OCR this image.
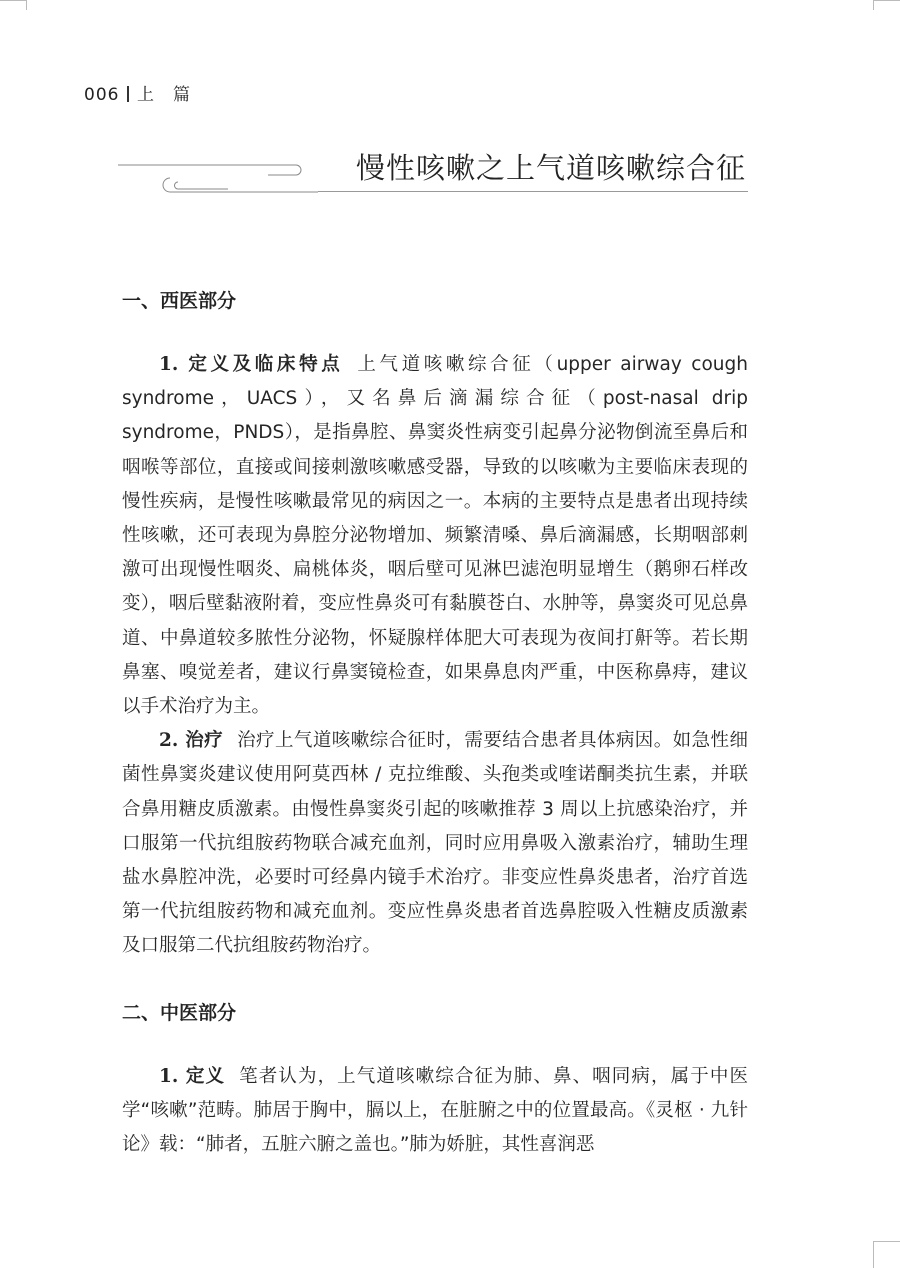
006 上　篇
慢性咳嗽之上气道咳嗽综合征
一、西医部分

1. 定义及临床特点 上气道咳嗽综合征（upper airway cough syndrome，UACS），又名鼻后滴漏综合征（post-nasal drip syndrome，PNDS），是指鼻腔、鼻窦炎性病变引起鼻分泌物倒流至鼻后和咽喉等部位，直接或间接刺激咳嗽感受器，导致的以咳嗽为主要临床表现的慢性疾病，是慢性咳嗽最常见的病因之一。本病的主要特点是患者出现持续性咳嗽，还可表现为鼻腔分泌物增加、频繁清嗓、鼻后滴漏感，长期咽部刺激可出现慢性咽炎、扁桃体炎，咽后壁可见淋巴滤泡明显增生（鹅卵石样改变），咽后壁黏液附着，变应性鼻炎可有黏膜苍白、水肿等，鼻窦炎可见总鼻道、中鼻道较多脓性分泌物，怀疑腺样体肥大可表现为夜间打鼾等。若长期鼻塞、嗅觉差者，建议行鼻窦镜检查，如果鼻息肉严重，中医称鼻痔，建议以手术治疗为主。

2. 治疗 治疗上气道咳嗽综合征时，需要结合患者具体病因。如急性细菌性鼻窦炎建议使用阿莫西林 / 克拉维酸、头孢类或喹诺酮类抗生素，并联合鼻用糖皮质激素。由慢性鼻窦炎引起的咳嗽推荐 3 周以上抗感染治疗，并口服第一代抗组胺药物联合减充血剂，同时应用鼻吸入激素治疗，辅助生理盐水鼻腔冲洗，必要时可经鼻内镜手术治疗。非变应性鼻炎患者，治疗首选第一代抗组胺药物和减充血剂。变应性鼻炎患者首选鼻腔吸入性糖皮质激素及口服第二代抗组胺药物治疗。

二、中医部分

1. 定义 笔者认为，上气道咳嗽综合征为肺、鼻、咽同病，属于中医学“咳嗽”范畴。肺居于胸中，膈以上，在脏腑之中的位置最高。《灵枢 · 九针论》载：“肺者，五脏六腑之盖也。”肺为娇脏，其性喜润恶
